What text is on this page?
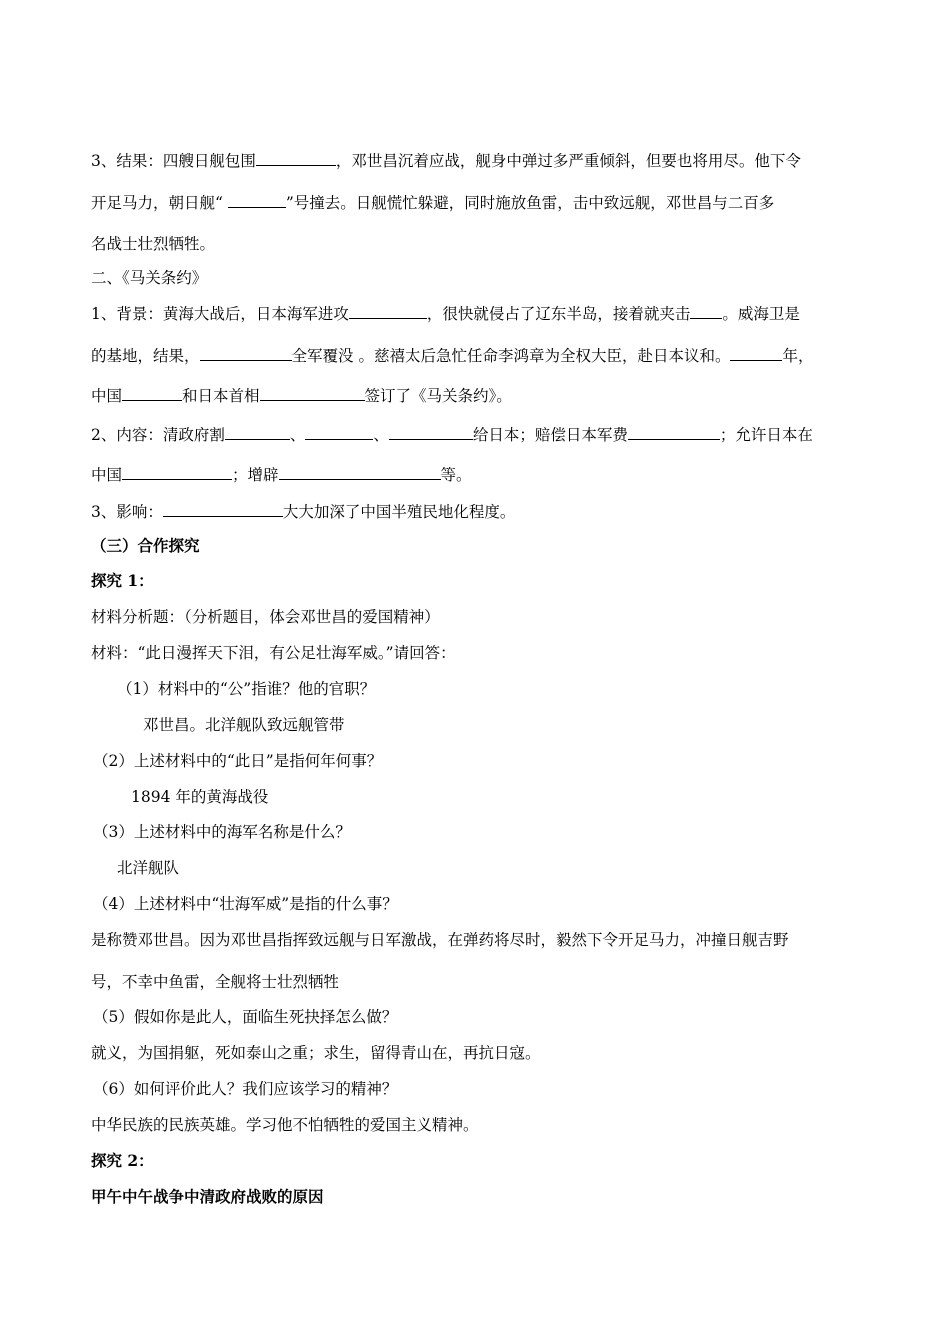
3、结果：四艘日舰包围	，邓世昌沉着应战，舰身中弹过多严重倾斜，但要也将用尽。他下令
开足马力，朝日舰“	”号撞去。日舰慌忙躲避，同时施放鱼雷，击中致远舰，邓世昌与二百多
名战士壮烈牺牲。
二、《马关条约》
1、背景：黄海大战后，日本海军进攻	，很快就侵占了辽东半岛，接着就夹击 。威海卫是
的基地，结果，	全军覆没 。慈禧太后急忙任命李鸿章为全权大臣，赴日本议和。	年，
中国	和日本首相	签订了《马关条约》。
2、内容：清政府割	、	、	给日本；赔偿日本军费	；允许日本在
中国	；增辟	等。
3、影响：	大大加深了中国半殖民地化程度。
（三）合作探究
探究 1：
材料分析题：（分析题目，体会邓世昌的爱国精神）
材料：“此日漫挥天下泪，有公足壮海军威。”请回答：
（1）材料中的“公”指谁？他的官职？
邓世昌。北洋舰队致远舰管带
（2）上述材料中的“此日”是指何年何事？
1894 年的黄海战役
（3）上述材料中的海军名称是什么？
北洋舰队
（4）上述材料中“壮海军威”是指的什么事？
是称赞邓世昌。因为邓世昌指挥致远舰与日军激战，在弹药将尽时，毅然下令开足马力，冲撞日舰吉野
号，不幸中鱼雷，全舰将士壮烈牺牲
（5）假如你是此人，面临生死抉择怎么做？
就义，为国捐躯，死如泰山之重；求生，留得青山在，再抗日寇。
（6）如何评价此人？我们应该学习的精神？
中华民族的民族英雄。学习他不怕牺牲的爱国主义精神。
探究 2：
甲午中午战争中清政府战败的原因
